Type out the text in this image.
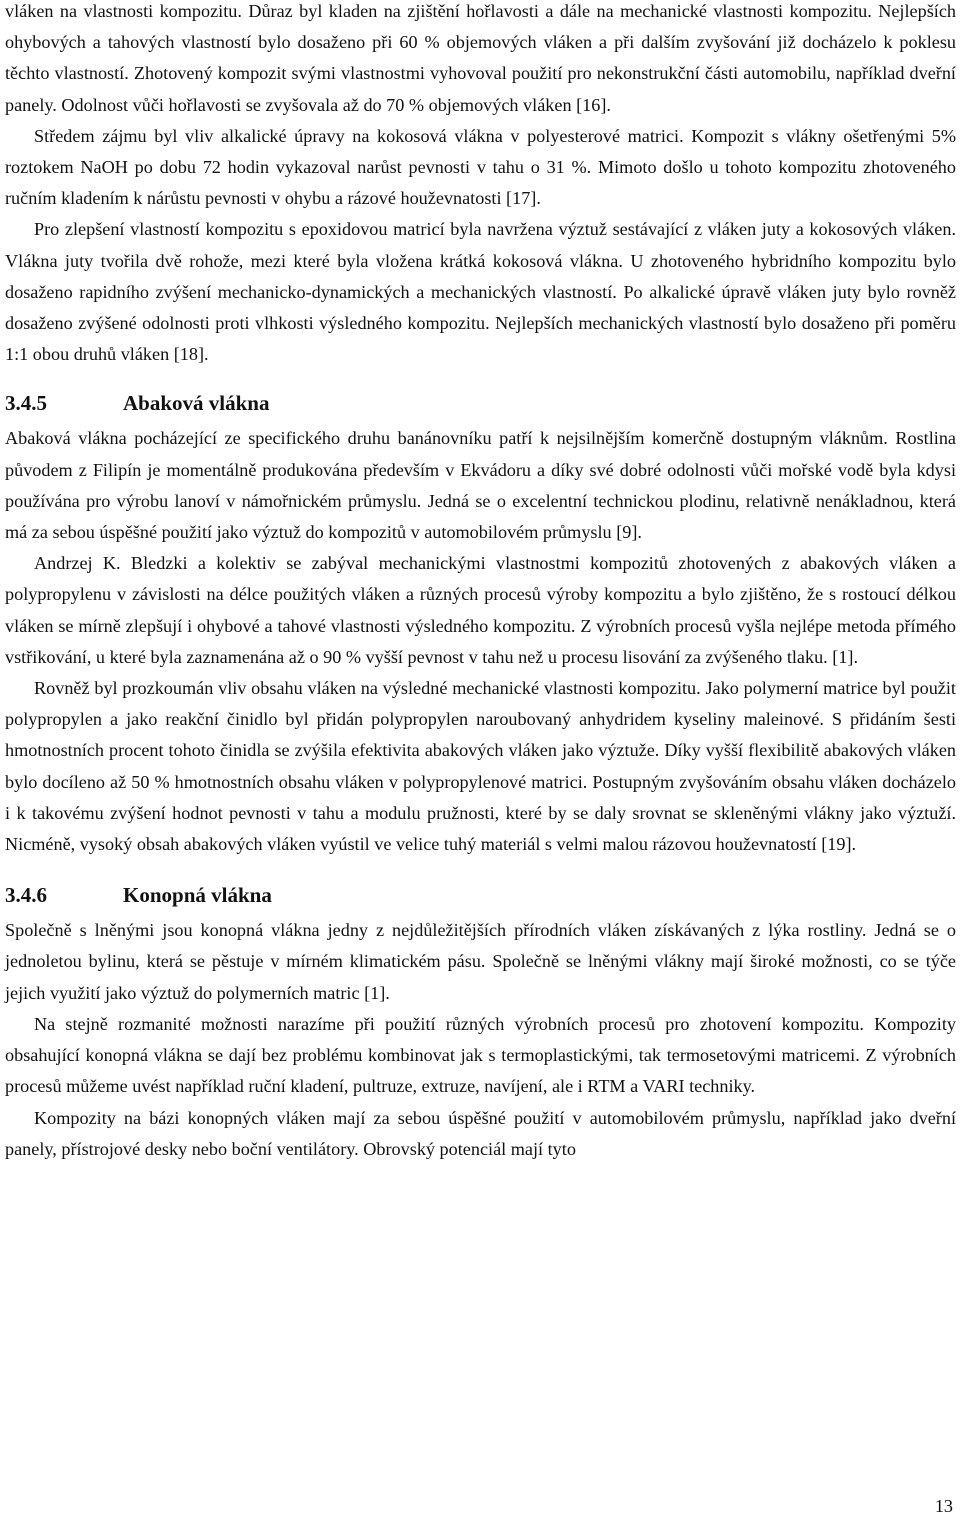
vláken na vlastnosti kompozitu. Důraz byl kladen na zjištění hořlavosti a dále na mechanické vlastnosti kompozitu. Nejlepších ohybových a tahových vlastností bylo dosaženo při 60 % objemových vláken a při dalším zvyšování již docházelo k poklesu těchto vlastností. Zhotovený kompozit svými vlastnostmi vyhovoval použití pro nekonstrukční části automobilu, například dveřní panely. Odolnost vůči hořlavosti se zvyšovala až do 70 % objemových vláken [16].

Středem zájmu byl vliv alkalické úpravy na kokosová vlákna v polyesterové matrici. Kompozit s vlákny ošetřenými 5% roztokem NaOH po dobu 72 hodin vykazoval narůst pevnosti v tahu o 31 %. Mimoto došlo u tohoto kompozitu zhotoveného ručním kladením k nárůstu pevnosti v ohybu a rázové houževnatosti [17].

Pro zlepšení vlastností kompozitu s epoxidovou matricí byla navržena výztuž sestávající z vláken juty a kokosových vláken. Vlákna juty tvořila dvě rohože, mezi které byla vložena krátká kokosová vlákna. U zhotoveného hybridního kompozitu bylo dosaženo rapidního zvýšení mechanicko-dynamických a mechanických vlastností. Po alkalické úpravě vláken juty bylo rovněž dosaženo zvýšené odolnosti proti vlhkosti výsledného kompozitu. Nejlepších mechanických vlastností bylo dosaženo při poměru 1:1 obou druhů vláken [18].

3.4.5	Abaková vlákna

Abaková vlákna pocházející ze specifického druhu banánovníku patří k nejsilnějším komerčně dostupným vláknům. Rostlina původem z Filipín je momentálně produkována především v Ekvádoru a díky své dobré odolnosti vůči mořské vodě byla kdysi používána pro výrobu lanoví v námořnickém průmyslu. Jedná se o excelentní technickou plodinu, relativně nenákladnou, která má za sebou úspěšné použití jako výztuž do kompozitů v automobilovém průmyslu [9].

Andrzej K. Bledzki a kolektiv se zabýval mechanickými vlastnostmi kompozitů zhotovených z abakových vláken a polypropylenu v závislosti na délce použitých vláken a různých procesů výroby kompozitu a bylo zjištěno, že s rostoucí délkou vláken se mírně zlepšují i ohybové a tahové vlastnosti výsledného kompozitu. Z výrobních procesů vyšla nejlépe metoda přímého vstřikování, u které byla zaznamenána až o 90 % vyšší pevnost v tahu než u procesu lisování za zvýšeného tlaku. [1].

Rovněž byl prozkoumán vliv obsahu vláken na výsledné mechanické vlastnosti kompozitu. Jako polymerní matrice byl použit polypropylen a jako reakční činidlo byl přidán polypropylen naroubovaný anhydridem kyseliny maleinové. S přidáním šesti hmotnostních procent tohoto činidla se zvýšila efektivita abakových vláken jako výztuže. Díky vyšší flexibilitě abakových vláken bylo docíleno až 50 % hmotnostních obsahu vláken v polypropylenové matrici. Postupným zvyšováním obsahu vláken docházelo i k takovému zvýšení hodnot pevnosti v tahu a modulu pružnosti, které by se daly srovnat se skleněnými vlákny jako výztuží. Nicméně, vysoký obsah abakových vláken vyústil ve velice tuhý materiál s velmi malou rázovou houževnatostí [19].

3.4.6	Konopná vlákna

Společně s lněnými jsou konopná vlákna jedny z nejdůležitějších přírodních vláken získávaných z lýka rostliny. Jedná se o jednoletou bylinu, která se pěstuje v mírném klimatickém pásu. Společně se lněnými vlákny mají široké možnosti, co se týče jejich využití jako výztuž do polymerních matric [1].

Na stejně rozmanité možnosti narazíme při použití různých výrobních procesů pro zhotovení kompozitu. Kompozity obsahující konopná vlákna se dají bez problému kombinovat jak s termoplastickými, tak termosetovými matricemi. Z výrobních procesů můžeme uvést například ruční kladení, pultruze, extruze, navíjení, ale i RTM a VARI techniky.

Kompozity na bázi konopných vláken mají za sebou úspěšné použití v automobilovém průmyslu, například jako dveřní panely, přístrojové desky nebo boční ventilátory. Obrovský potenciál mají tyto

13
